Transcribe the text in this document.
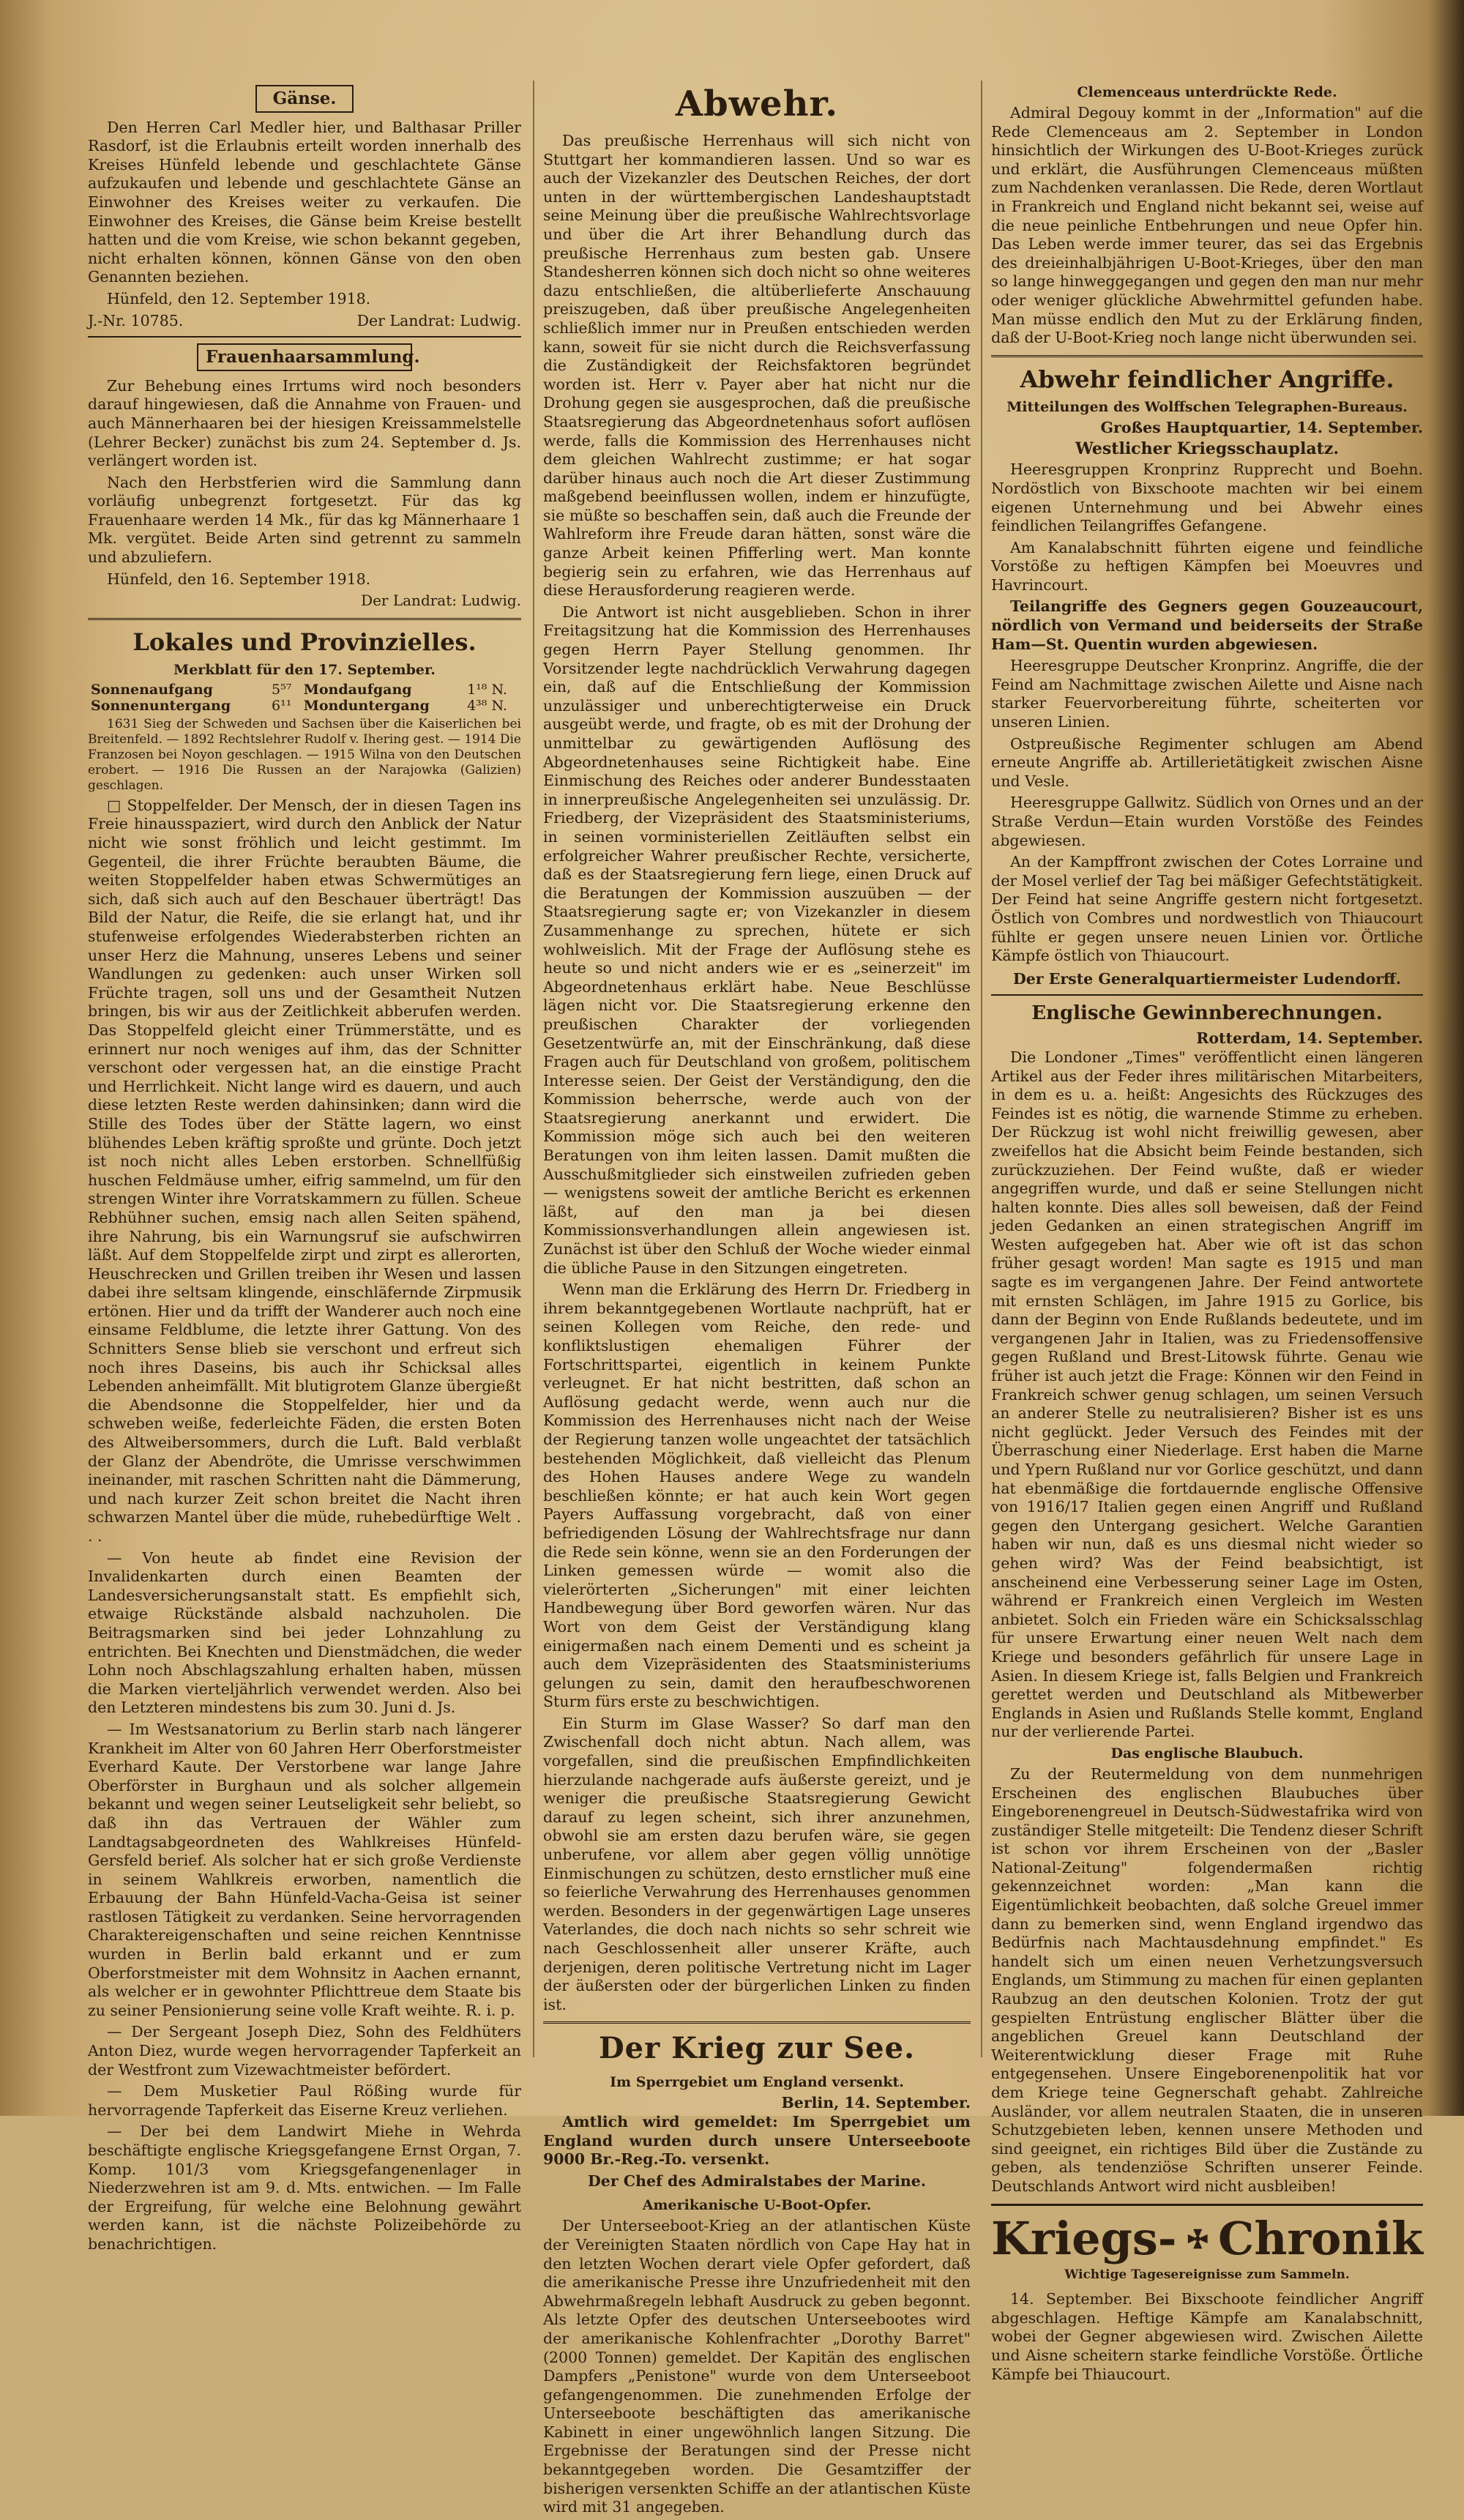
Gänse.

Den Herren Carl Medler hier, und Balthasar Priller Rasdorf, ist die Erlaubnis erteilt worden innerhalb des Kreises Hünfeld lebende und geschlachtete Gänse aufzukaufen und lebende und geschlachtete Gänse an Einwohner des Kreises weiter zu verkaufen. Die Einwohner des Kreises, die Gänse beim Kreise bestellt hatten und die vom Kreise, wie schon bekannt gegeben, nicht erhalten können, können Gänse von den oben Genannten beziehen.

Hünfeld, den 12. September 1918.

J.-Nr. 10785.	Der Landrat: Ludwig.
Frauenhaarsammlung.

Zur Behebung eines Irrtums wird noch besonders darauf hingewiesen, daß die Annahme von Frauen- und auch Männerhaaren bei der hiesigen Kreissammelstelle (Lehrer Becker) zunächst bis zum 24. September d. Js. verlängert worden ist.

Nach den Herbstferien wird die Sammlung dann vorläufig unbegrenzt fortgesetzt. Für das kg Frauenhaare werden 14 Mk., für das kg Männerhaare 1 Mk. vergütet. Beide Arten sind getrennt zu sammeln und abzuliefern.

Hünfeld, den 16. September 1918.

Der Landrat: Ludwig.
Lokales und Provinzielles.
Merkblatt für den 17. September.
Sonnenaufgang	5⁵⁷	Mondaufgang	1¹⁸ N.
Sonnenuntergang	6¹¹	Monduntergang	4³⁸ N.

1631 Sieg der Schweden und Sachsen über die Kaiserlichen bei Breitenfeld. — 1892 Rechtslehrer Rudolf v. Ihering gest. — 1914 Die Franzosen bei Noyon geschlagen. — 1915 Wilna von den Deutschen erobert. — 1916 Die Russen an der Narajowka (Galizien) geschlagen.

□ Stoppelfelder. Der Mensch, der in diesen Tagen ins Freie hinausspaziert, wird durch den Anblick der Natur nicht wie sonst fröhlich und leicht gestimmt. Im Gegenteil, die ihrer Früchte beraubten Bäume, die weiten Stoppelfelder haben etwas Schwermütiges an sich, daß sich auch auf den Beschauer überträgt! Das Bild der Natur, die Reife, die sie erlangt hat, und ihr stufenweise erfolgendes Wiederabsterben richten an unser Herz die Mahnung, unseres Lebens und seiner Wandlungen zu gedenken: auch unser Wirken soll Früchte tragen, soll uns und der Gesamtheit Nutzen bringen, bis wir aus der Zeitlichkeit abberufen werden. Das Stoppelfeld gleicht einer Trümmerstätte, und es erinnert nur noch weniges auf ihm, das der Schnitter verschont oder vergessen hat, an die einstige Pracht und Herrlichkeit. Nicht lange wird es dauern, und auch diese letzten Reste werden dahinsinken; dann wird die Stille des Todes über der Stätte lagern, wo einst blühendes Leben kräftig sproßte und grünte. Doch jetzt ist noch nicht alles Leben erstorben. Schnellfüßig huschen Feldmäuse umher, eifrig sammelnd, um für den strengen Winter ihre Vorratskammern zu füllen. Scheue Rebhühner suchen, emsig nach allen Seiten spähend, ihre Nahrung, bis ein Warnungsruf sie aufschwirren läßt. Auf dem Stoppelfelde zirpt und zirpt es allerorten, Heuschrecken und Grillen treiben ihr Wesen und lassen dabei ihre seltsam klingende, einschläfernde Zirpmusik ertönen. Hier und da trifft der Wanderer auch noch eine einsame Feldblume, die letzte ihrer Gattung. Von des Schnitters Sense blieb sie verschont und erfreut sich noch ihres Daseins, bis auch ihr Schicksal alles Lebenden anheimfällt. Mit blutigrotem Glanze übergießt die Abendsonne die Stoppelfelder, hier und da schweben weiße, federleichte Fäden, die ersten Boten des Altweibersommers, durch die Luft. Bald verblaßt der Glanz der Abendröte, die Umrisse verschwimmen ineinander, mit raschen Schritten naht die Dämmerung, und nach kurzer Zeit schon breitet die Nacht ihren schwarzen Mantel über die müde, ruhebedürftige Welt . . .

— Von heute ab findet eine Revision der Invalidenkarten durch einen Beamten der Landesversicherungsanstalt statt. Es empfiehlt sich, etwaige Rückstände alsbald nachzuholen. Die Beitragsmarken sind bei jeder Lohnzahlung zu entrichten. Bei Knechten und Dienstmädchen, die weder Lohn noch Abschlagszahlung erhalten haben, müssen die Marken vierteljährlich verwendet werden. Also bei den Letzteren mindestens bis zum 30. Juni d. Js.

— Im Westsanatorium zu Berlin starb nach längerer Krankheit im Alter von 60 Jahren Herr Oberforstmeister Everhard Kaute. Der Verstorbene war lange Jahre Oberförster in Burghaun und als solcher allgemein bekannt und wegen seiner Leutseligkeit sehr beliebt, so daß ihn das Vertrauen der Wähler zum Landtagsabgeordneten des Wahlkreises Hünfeld-Gersfeld berief. Als solcher hat er sich große Verdienste in seinem Wahlkreis erworben, namentlich die Erbauung der Bahn Hünfeld-Vacha-Geisa ist seiner rastlosen Tätigkeit zu verdanken. Seine hervorragenden Charaktereigenschaften und seine reichen Kenntnisse wurden in Berlin bald erkannt und er zum Oberforstmeister mit dem Wohnsitz in Aachen ernannt, als welcher er in gewohnter Pflichttreue dem Staate bis zu seiner Pensionierung seine volle Kraft weihte. R. i. p.

— Der Sergeant Joseph Diez, Sohn des Feldhüters Anton Diez, wurde wegen hervorragender Tapferkeit an der Westfront zum Vizewachtmeister befördert.

— Dem Musketier Paul Rößing wurde für hervorragende Tapferkeit das Eiserne Kreuz verliehen.

— Der bei dem Landwirt Miehe in Wehrda beschäftigte englische Kriegsgefangene Ernst Organ, 7. Komp. 101/3 vom Kriegsgefangenenlager in Niederzwehren ist am 9. d. Mts. entwichen. — Im Falle der Ergreifung, für welche eine Belohnung gewährt werden kann, ist die nächste Polizeibehörde zu benachrichtigen.

Abwehr.

Das preußische Herrenhaus will sich nicht von Stuttgart her kommandieren lassen. Und so war es auch der Vizekanzler des Deutschen Reiches, der dort unten in der württembergischen Landeshauptstadt seine Meinung über die preußische Wahlrechtsvorlage und über die Art ihrer Behandlung durch das preußische Herrenhaus zum besten gab. Unsere Standesherren können sich doch nicht so ohne weiteres dazu entschließen, die altüberlieferte Anschauung preiszugeben, daß über preußische Angelegenheiten schließlich immer nur in Preußen entschieden werden kann, soweit für sie nicht durch die Reichsverfassung die Zuständigkeit der Reichsfaktoren begründet worden ist. Herr v. Payer aber hat nicht nur die Drohung gegen sie ausgesprochen, daß die preußische Staatsregierung das Abgeordnetenhaus sofort auflösen werde, falls die Kommission des Herrenhauses nicht dem gleichen Wahlrecht zustimme; er hat sogar darüber hinaus auch noch die Art dieser Zustimmung maßgebend beeinflussen wollen, indem er hinzufügte, sie müßte so beschaffen sein, daß auch die Freunde der Wahlreform ihre Freude daran hätten, sonst wäre die ganze Arbeit keinen Pfifferling wert. Man konnte begierig sein zu erfahren, wie das Herrenhaus auf diese Herausforderung reagieren werde.

Die Antwort ist nicht ausgeblieben. Schon in ihrer Freitagsitzung hat die Kommission des Herrenhauses gegen Herrn Payer Stellung genommen. Ihr Vorsitzender legte nachdrücklich Verwahrung dagegen ein, daß auf die Entschließung der Kommission unzulässiger und unberechtigterweise ein Druck ausgeübt werde, und fragte, ob es mit der Drohung der unmittelbar zu gewärtigenden Auflösung des Abgeordnetenhauses seine Richtigkeit habe. Eine Einmischung des Reiches oder anderer Bundesstaaten in innerpreußische Angelegenheiten sei unzulässig. Dr. Friedberg, der Vizepräsident des Staatsministeriums, in seinen vorministeriellen Zeitläuften selbst ein erfolgreicher Wahrer preußischer Rechte, versicherte, daß es der Staatsregierung fern liege, einen Druck auf die Beratungen der Kommission auszuüben — der Staatsregierung sagte er; von Vizekanzler in diesem Zusammenhange zu sprechen, hütete er sich wohlweislich. Mit der Frage der Auflösung stehe es heute so und nicht anders wie er es „seinerzeit" im Abgeordnetenhaus erklärt habe. Neue Beschlüsse lägen nicht vor. Die Staatsregierung erkenne den preußischen Charakter der vorliegenden Gesetzentwürfe an, mit der Einschränkung, daß diese Fragen auch für Deutschland von großem, politischem Interesse seien. Der Geist der Verständigung, den die Kommission beherrsche, werde auch von der Staatsregierung anerkannt und erwidert. Die Kommission möge sich auch bei den weiteren Beratungen von ihm leiten lassen. Damit mußten die Ausschußmitglieder sich einstweilen zufrieden geben — wenigstens soweit der amtliche Bericht es erkennen läßt, auf den man ja bei diesen Kommissionsverhandlungen allein angewiesen ist. Zunächst ist über den Schluß der Woche wieder einmal die übliche Pause in den Sitzungen eingetreten.

Wenn man die Erklärung des Herrn Dr. Friedberg in ihrem bekanntgegebenen Wortlaute nachprüft, hat er seinen Kollegen vom Reiche, den rede- und konfliktslustigen ehemaligen Führer der Fortschrittspartei, eigentlich in keinem Punkte verleugnet. Er hat nicht bestritten, daß schon an Auflösung gedacht werde, wenn auch nur die Kommission des Herrenhauses nicht nach der Weise der Regierung tanzen wolle ungeachtet der tatsächlich bestehenden Möglichkeit, daß vielleicht das Plenum des Hohen Hauses andere Wege zu wandeln beschließen könnte; er hat auch kein Wort gegen Payers Auffassung vorgebracht, daß von einer befriedigenden Lösung der Wahlrechtsfrage nur dann die Rede sein könne, wenn sie an den Forderungen der Linken gemessen würde — womit also die vielerörterten „Sicherungen" mit einer leichten Handbewegung über Bord geworfen wären. Nur das Wort von dem Geist der Verständigung klang einigermaßen nach einem Dementi und es scheint ja auch dem Vizepräsidenten des Staatsministeriums gelungen zu sein, damit den heraufbeschworenen Sturm fürs erste zu beschwichtigen.

Ein Sturm im Glase Wasser? So darf man den Zwischenfall doch nicht abtun. Nach allem, was vorgefallen, sind die preußischen Empfindlichkeiten hierzulande nachgerade aufs äußerste gereizt, und je weniger die preußische Staatsregierung Gewicht darauf zu legen scheint, sich ihrer anzunehmen, obwohl sie am ersten dazu berufen wäre, sie gegen unberufene, vor allem aber gegen völlig unnötige Einmischungen zu schützen, desto ernstlicher muß eine so feierliche Verwahrung des Herrenhauses genommen werden. Besonders in der gegenwärtigen Lage unseres Vaterlandes, die doch nach nichts so sehr schreit wie nach Geschlossenheit aller unserer Kräfte, auch derjenigen, deren politische Vertretung nicht im Lager der äußersten oder der bürgerlichen Linken zu finden ist.

Der Krieg zur See.
Im Sperrgebiet um England versenkt.
Berlin, 14. September.

Amtlich wird gemeldet: Im Sperrgebiet um England wurden durch unsere Unterseeboote 9000 Br.-Reg.-To. versenkt.

Der Chef des Admiralstabes der Marine.
Amerikanische U-Boot-Opfer.

Der Unterseeboot-Krieg an der atlantischen Küste der Vereinigten Staaten nördlich von Cape Hay hat in den letzten Wochen derart viele Opfer gefordert, daß die amerikanische Presse ihre Unzufriedenheit mit den Abwehrmaßregeln lebhaft Ausdruck zu geben begonnt. Als letzte Opfer des deutschen Unterseebootes wird der amerikanische Kohlenfrachter „Dorothy Barret" (2000 Tonnen) gemeldet. Der Kapitän des englischen Dampfers „Penistone" wurde von dem Unterseeboot gefangengenommen. Die zunehmenden Erfolge der Unterseeboote beschäftigten das amerikanische Kabinett in einer ungewöhnlich langen Sitzung. Die Ergebnisse der Beratungen sind der Presse nicht bekanntgegeben worden. Die Gesamtziffer der bisherigen versenkten Schiffe an der atlantischen Küste wird mit 31 angegeben.

Clemenceaus unterdrückte Rede.

Admiral Degouy kommt in der „Information" auf die Rede Clemenceaus am 2. September in London hinsichtlich der Wirkungen des U-Boot-Krieges zurück und erklärt, die Ausführungen Clemenceaus müßten zum Nachdenken veranlassen. Die Rede, deren Wortlaut in Frankreich und England nicht bekannt sei, weise auf die neue peinliche Entbehrungen und neue Opfer hin. Das Leben werde immer teurer, das sei das Ergebnis des dreieinhalbjährigen U-Boot-Krieges, über den man so lange hinweggegangen und gegen den man nur mehr oder weniger glückliche Abwehrmittel gefunden habe. Man müsse endlich den Mut zu der Erklärung finden, daß der U-Boot-Krieg noch lange nicht überwunden sei.

Abwehr feindlicher Angriffe.
Mitteilungen des Wolffschen Telegraphen-Bureaus.
Großes Hauptquartier, 14. September.
Westlicher Kriegsschauplatz.

Heeresgruppen Kronprinz Rupprecht und Boehn. Nordöstlich von Bixschoote machten wir bei einem eigenen Unternehmung und bei Abwehr eines feindlichen Teilangriffes Gefangene.

Am Kanalabschnitt führten eigene und feindliche Vorstöße zu heftigen Kämpfen bei Moeuvres und Havrincourt.

Teilangriffe des Gegners gegen Gouzeaucourt, nördlich von Vermand und beiderseits der Straße Ham—St. Quentin wurden abgewiesen.

Heeresgruppe Deutscher Kronprinz. Angriffe, die der Feind am Nachmittage zwischen Ailette und Aisne nach starker Feuervorbereitung führte, scheiterten vor unseren Linien.

Ostpreußische Regimenter schlugen am Abend erneute Angriffe ab. Artillerietätigkeit zwischen Aisne und Vesle.

Heeresgruppe Gallwitz. Südlich von Ornes und an der Straße Verdun—Etain wurden Vorstöße des Feindes abgewiesen.

An der Kampffront zwischen der Cotes Lorraine und der Mosel verlief der Tag bei mäßiger Gefechtstätigkeit. Der Feind hat seine Angriffe gestern nicht fortgesetzt. Östlich von Combres und nordwestlich von Thiaucourt fühlte er gegen unsere neuen Linien vor. Örtliche Kämpfe östlich von Thiaucourt.

Der Erste Generalquartiermeister Ludendorff.
Englische Gewinnberechnungen.
Rotterdam, 14. September.

Die Londoner „Times" veröffentlicht einen längeren Artikel aus der Feder ihres militärischen Mitarbeiters, in dem es u. a. heißt: Angesichts des Rückzuges des Feindes ist es nötig, die warnende Stimme zu erheben. Der Rückzug ist wohl nicht freiwillig gewesen, aber zweifellos hat die Absicht beim Feinde bestanden, sich zurückzuziehen. Der Feind wußte, daß er wieder angegriffen wurde, und daß er seine Stellungen nicht halten konnte. Dies alles soll beweisen, daß der Feind jeden Gedanken an einen strategischen Angriff im Westen aufgegeben hat. Aber wie oft ist das schon früher gesagt worden! Man sagte es 1915 und man sagte es im vergangenen Jahre. Der Feind antwortete mit ernsten Schlägen, im Jahre 1915 zu Gorlice, bis dann der Beginn von Ende Rußlands bedeutete, und im vergangenen Jahr in Italien, was zu Friedensoffensive gegen Rußland und Brest-Litowsk führte. Genau wie früher ist auch jetzt die Frage: Können wir den Feind in Frankreich schwer genug schlagen, um seinen Versuch an anderer Stelle zu neutralisieren? Bisher ist es uns nicht geglückt. Jeder Versuch des Feindes mit der Überraschung einer Niederlage. Erst haben die Marne und Ypern Rußland nur vor Gorlice geschützt, und dann hat ebenmäßige die fortdauernde englische Offensive von 1916/17 Italien gegen einen Angriff und Rußland gegen den Untergang gesichert. Welche Garantien haben wir nun, daß es uns diesmal nicht wieder so gehen wird? Was der Feind beabsichtigt, ist anscheinend eine Verbesserung seiner Lage im Osten, während er Frankreich einen Vergleich im Westen anbietet. Solch ein Frieden wäre ein Schicksalsschlag für unsere Erwartung einer neuen Welt nach dem Kriege und besonders gefährlich für unsere Lage in Asien. In diesem Kriege ist, falls Belgien und Frankreich gerettet werden und Deutschland als Mitbewerber Englands in Asien und Rußlands Stelle kommt, England nur der verlierende Partei.

Das englische Blaubuch.

Zu der Reutermeldung von dem nunmehrigen Erscheinen des englischen Blaubuches über Eingeborenengreuel in Deutsch-Südwestafrika wird von zuständiger Stelle mitgeteilt: Die Tendenz dieser Schrift ist schon vor ihrem Erscheinen von der „Basler National-Zeitung" folgendermaßen richtig gekennzeichnet worden: „Man kann die Eigentümlichkeit beobachten, daß solche Greuel immer dann zu bemerken sind, wenn England irgendwo das Bedürfnis nach Machtausdehnung empfindet." Es handelt sich um einen neuen Verhetzungsversuch Englands, um Stimmung zu machen für einen geplanten Raubzug an den deutschen Kolonien. Trotz der gut gespielten Entrüstung englischer Blätter über die angeblichen Greuel kann Deutschland der Weiterentwicklung dieser Frage mit Ruhe entgegensehen. Unsere Eingeborenenpolitik hat vor dem Kriege teine Gegnerschaft gehabt. Zahlreiche Ausländer, vor allem neutralen Staaten, die in unseren Schutzgebieten leben, kennen unsere Methoden und sind geeignet, ein richtiges Bild über die Zustände zu geben, als tendenziöse Schriften unserer Feinde. Deutschlands Antwort wird nicht ausbleiben!

Kriegs- Chronik
Wichtige Tagesereignisse zum Sammeln.

14. September. Bei Bixschoote feindlicher Angriff abgeschlagen. Heftige Kämpfe am Kanalabschnitt, wobei der Gegner abgewiesen wird. Zwischen Ailette und Aisne scheitern starke feindliche Vorstöße. Örtliche Kämpfe bei Thiaucourt.
